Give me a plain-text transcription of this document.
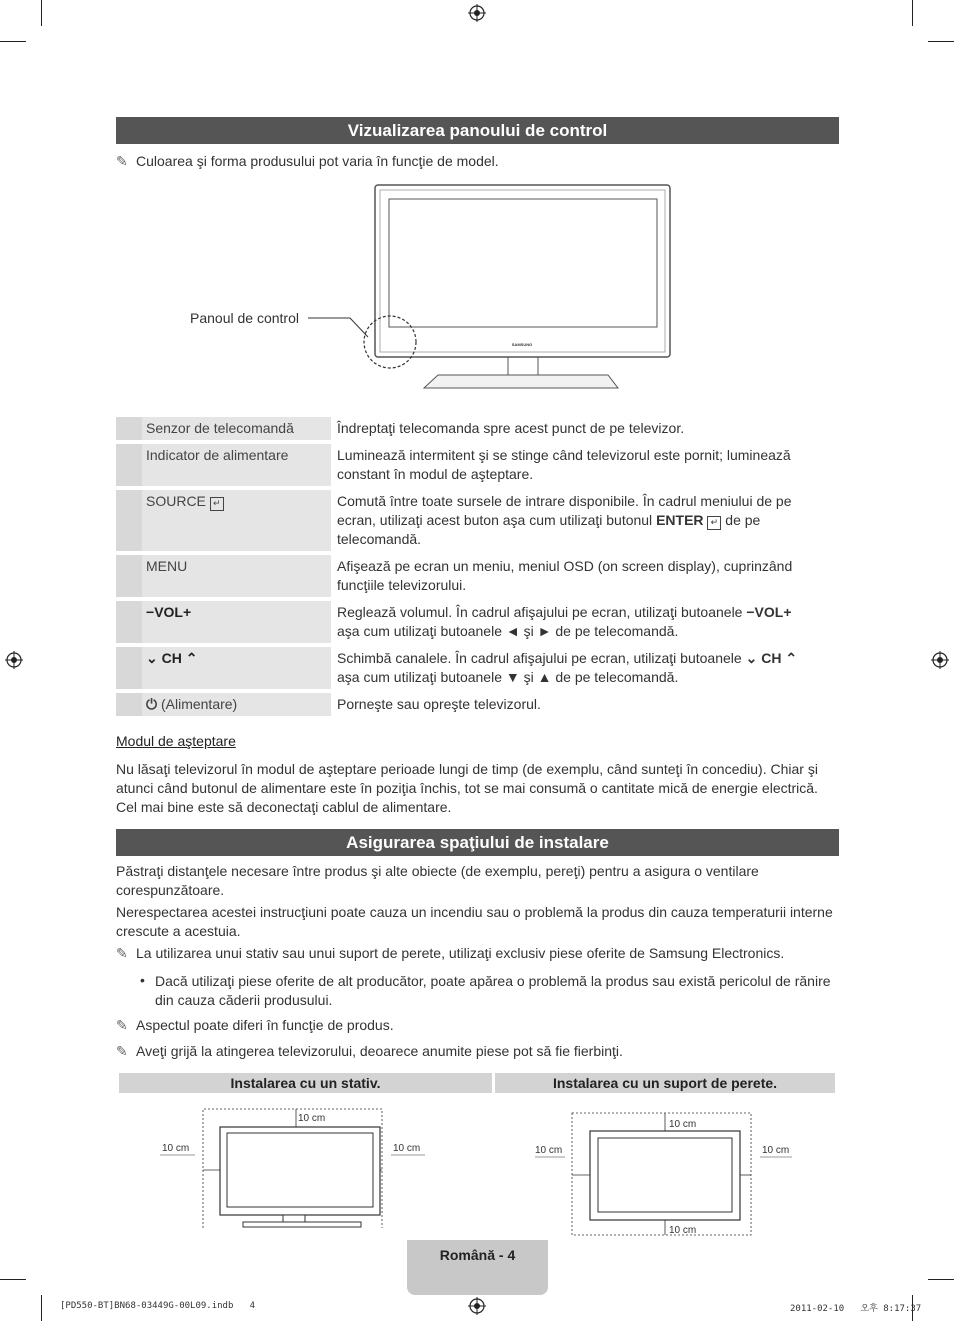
Vizualizarea panoului de control
✎ Culoarea şi forma produsului pot varia în funcţie de model.
SAMSUNG
Panoul de control
	Senzor de telecomandă	Îndreptaţi telecomanda spre acest punct de pe televizor.
	Indicator de alimentare	Luminează intermitent şi se stinge când televizorul este pornit; luminează constant în modul de aşteptare.
	SOURCE ↵	Comută între toate sursele de intrare disponibile. În cadrul meniului de pe ecran, utilizaţi acest buton aşa cum utilizaţi butonul ENTER ↵ de pe telecomandă.
	MENU	Afişează pe ecran un meniu, meniul OSD (on screen display), cuprinzând funcţiile televizorului.
	−VOL+	Reglează volumul. În cadrul afişajului pe ecran, utilizaţi butoanele −VOL+ aşa cum utilizaţi butoanele ◄ şi ► de pe telecomandă.
	⌄ CH ⌃	Schimbă canalele. În cadrul afişajului pe ecran, utilizaţi butoanele ⌄ CH ⌃ aşa cum utilizaţi butoanele ▼ şi ▲ de pe telecomandă.
	⏻ (Alimentare)	Porneşte sau opreşte televizorul.
Modul de aşteptare
Nu lăsaţi televizorul în modul de aşteptare perioade lungi de timp (de exemplu, când sunteţi în concediu). Chiar şi atunci când butonul de alimentare este în poziţia închis, tot se mai consumă o cantitate mică de energie electrică. Cel mai bine este să deconectaţi cablul de alimentare.
Asigurarea spaţiului de instalare
Păstraţi distanţele necesare între produs şi alte obiecte (de exemplu, pereţi) pentru a asigura o ventilare corespunzătoare.
Nerespectarea acestei instrucţiuni poate cauza un incendiu sau o problemă la produs din cauza temperaturii interne crescute a acestuia.
✎ La utilizarea unui stativ sau unui suport de perete, utilizaţi exclusiv piese oferite de Samsung Electronics.
• Dacă utilizaţi piese oferite de alt producător, poate apărea o problemă la produs sau există pericolul de rănire din cauza căderii produsului.
✎ Aspectul poate diferi în funcţie de produs.
✎ Aveţi grijă la atingerea televizorului, deoarece anumite piese pot să fie fierbinţi.
Instalarea cu un stativ.	Instalarea cu un suport de perete.
10 cm
10 cm	10 cm
10 cm
10 cm
10 cm	10 cm
Română - 4
[PD550-BT]BN68-03449G-00L09.indb   4	2011-02-10   오후 8:17:37
